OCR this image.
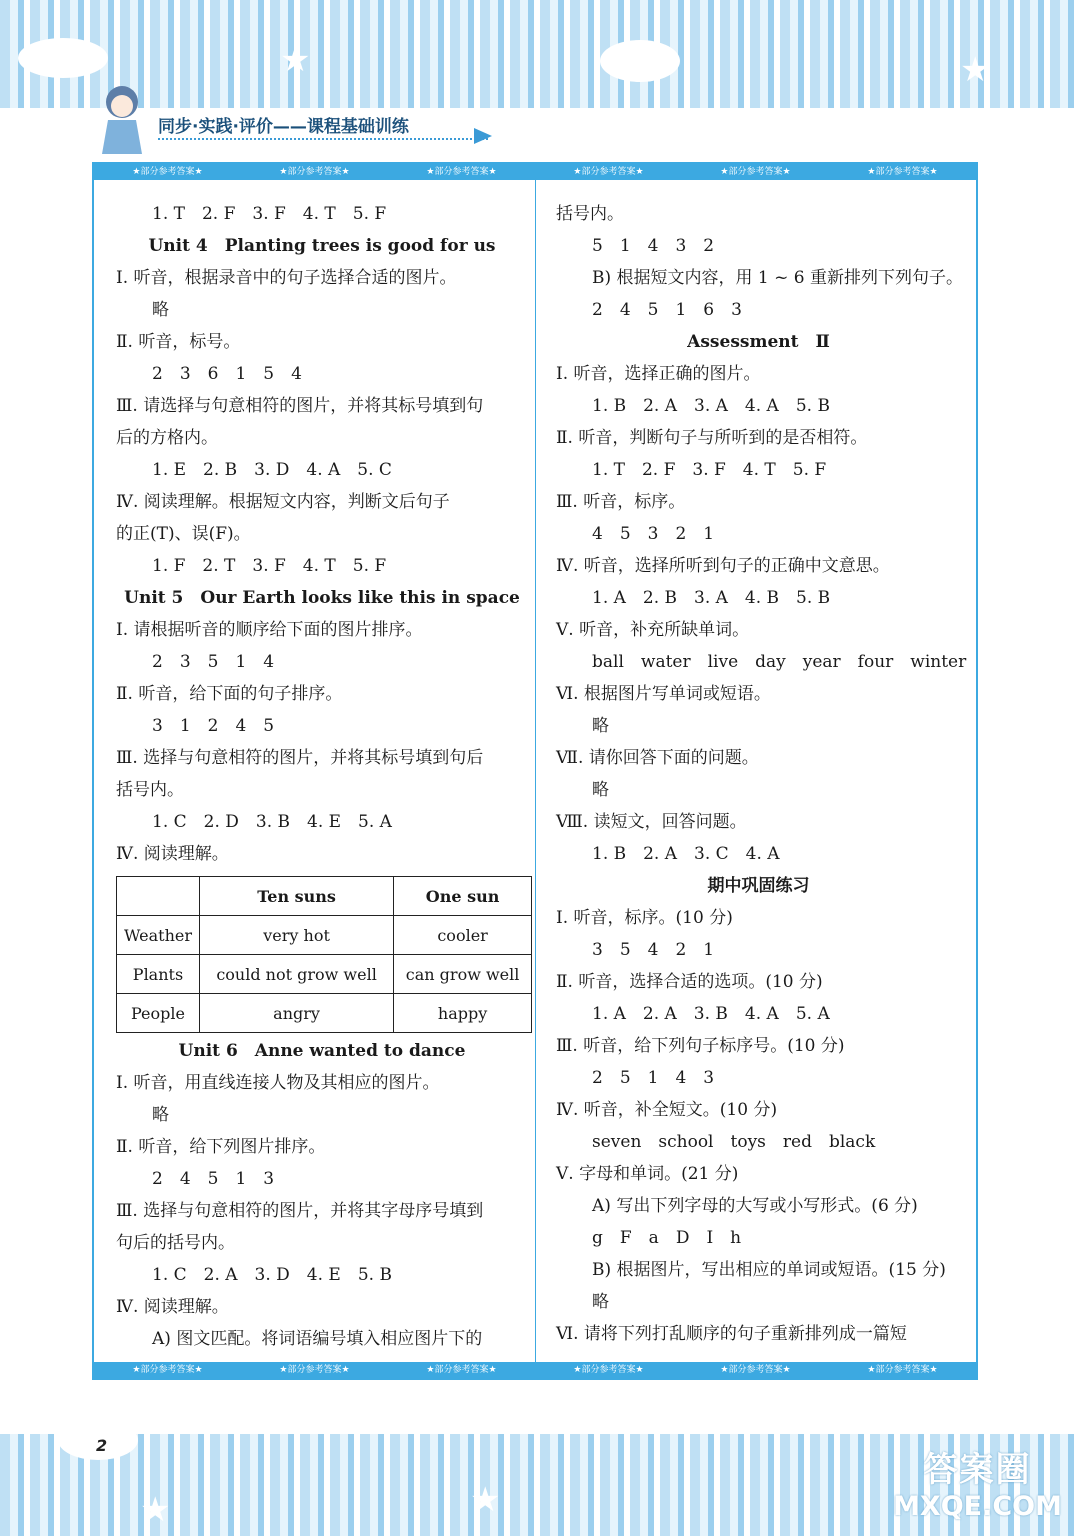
★	★
★	★
同步·实践·评价——课程基础训练
★部分参考答案★	★部分参考答案★	★部分参考答案★	★部分参考答案★	★部分参考答案★	★部分参考答案★
★部分参考答案★	★部分参考答案★	★部分参考答案★	★部分参考答案★	★部分参考答案★	★部分参考答案★
1. T　2. F　3. F　4. T　5. F
Unit 4　Planting trees is good for us
Ⅰ. 听音，根据录音中的句子选择合适的图片。
略
Ⅱ. 听音，标号。
2　3　6　1　5　4
Ⅲ. 请选择与句意相符的图片，并将其标号填到句
后的方格内。
1. E　2. B　3. D　4. A　5. C
Ⅳ. 阅读理解。根据短文内容，判断文后句子
的正(T)、误(F)。
1. F　2. T　3. F　4. T　5. F
Unit 5　Our Earth looks like this in space
Ⅰ. 请根据听音的顺序给下面的图片排序。
2　3　5　1　4
Ⅱ. 听音，给下面的句子排序。
3　1　2　4　5
Ⅲ. 选择与句意相符的图片，并将其标号填到句后
括号内。
1. C　2. D　3. B　4. E　5. A
Ⅳ. 阅读理解。
	Ten suns	One sun
Weather	very hot	cooler
Plants	could not grow well	can grow well
People	angry	happy
Unit 6　Anne wanted to dance
Ⅰ. 听音，用直线连接人物及其相应的图片。
略
Ⅱ. 听音，给下列图片排序。
2　4　5　1　3
Ⅲ. 选择与句意相符的图片，并将其字母序号填到
句后的括号内。
1. C　2. A　3. D　4. E　5. B
Ⅳ. 阅读理解。
A) 图文匹配。将词语编号填入相应图片下的
括号内。
5　1　4　3　2
B) 根据短文内容，用 1 ~ 6 重新排列下列句子。
2　4　5　1　6　3
Assessment　Ⅱ
Ⅰ. 听音，选择正确的图片。
1. B　2. A　3. A　4. A　5. B
Ⅱ. 听音，判断句子与所听到的是否相符。
1. T　2. F　3. F　4. T　5. F
Ⅲ. 听音，标序。
4　5　3　2　1
Ⅳ. 听音，选择所听到句子的正确中文意思。
1. A　2. B　3. A　4. B　5. B
Ⅴ. 听音，补充所缺单词。
ball　water　live　day　year　four　winter
Ⅵ. 根据图片写单词或短语。
略
Ⅶ. 请你回答下面的问题。
略
Ⅷ. 读短文，回答问题。
1. B　2. A　3. C　4. A
期中巩固练习
Ⅰ. 听音，标序。(10 分)
3　5　4　2　1
Ⅱ. 听音，选择合适的选项。(10 分)
1. A　2. A　3. B　4. A　5. A
Ⅲ. 听音，给下列句子标序号。(10 分)
2　5　1　4　3
Ⅳ. 听音，补全短文。(10 分)
seven　school　toys　red　black
Ⅴ. 字母和单词。(21 分)
A) 写出下列字母的大写或小写形式。(6 分)
g　F　a　D　I　h
B) 根据图片，写出相应的单词或短语。(15 分)
略
Ⅵ. 请将下列打乱顺序的句子重新排列成一篇短
2
答案圈
MXQE.COM
